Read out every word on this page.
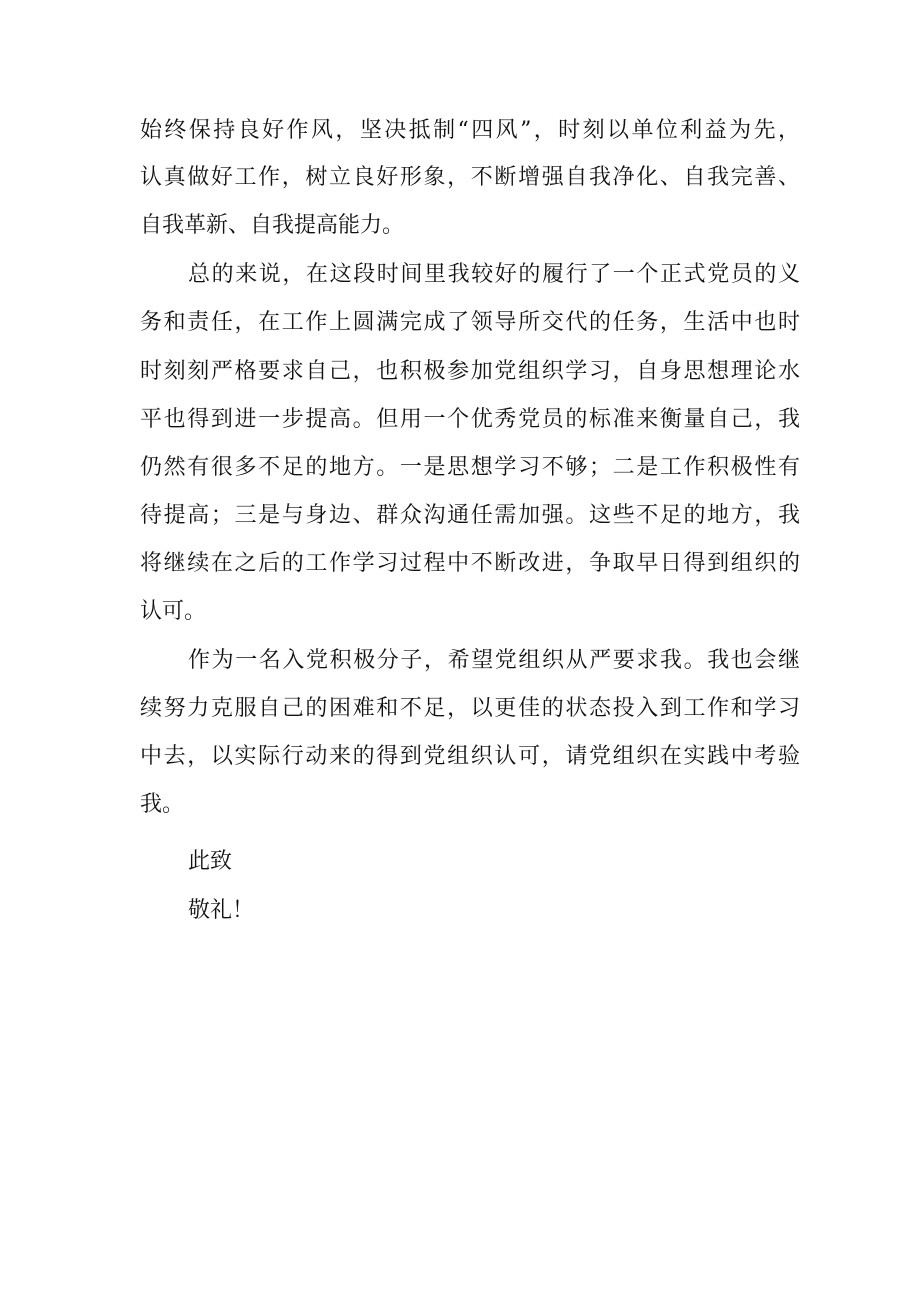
始终保持良好作风，坚决抵制“四风”，时刻以单位利益为先，
认真做好工作，树立良好形象，不断增强自我净化、自我完善、
自我革新、自我提高能力。
总的来说，在这段时间里我较好的履行了一个正式党员的义
务和责任，在工作上圆满完成了领导所交代的任务，生活中也时
时刻刻严格要求自己，也积极参加党组织学习，自身思想理论水
平也得到进一步提高。但用一个优秀党员的标准来衡量自己，我
仍然有很多不足的地方。一是思想学习不够；二是工作积极性有
待提高；三是与身边、群众沟通任需加强。这些不足的地方，我
将继续在之后的工作学习过程中不断改进，争取早日得到组织的
认可。
作为一名入党积极分子，希望党组织从严要求我。我也会继
续努力克服自己的困难和不足，以更佳的状态投入到工作和学习
中去，以实际行动来的得到党组织认可，请党组织在实践中考验
我。
此致
敬礼！
